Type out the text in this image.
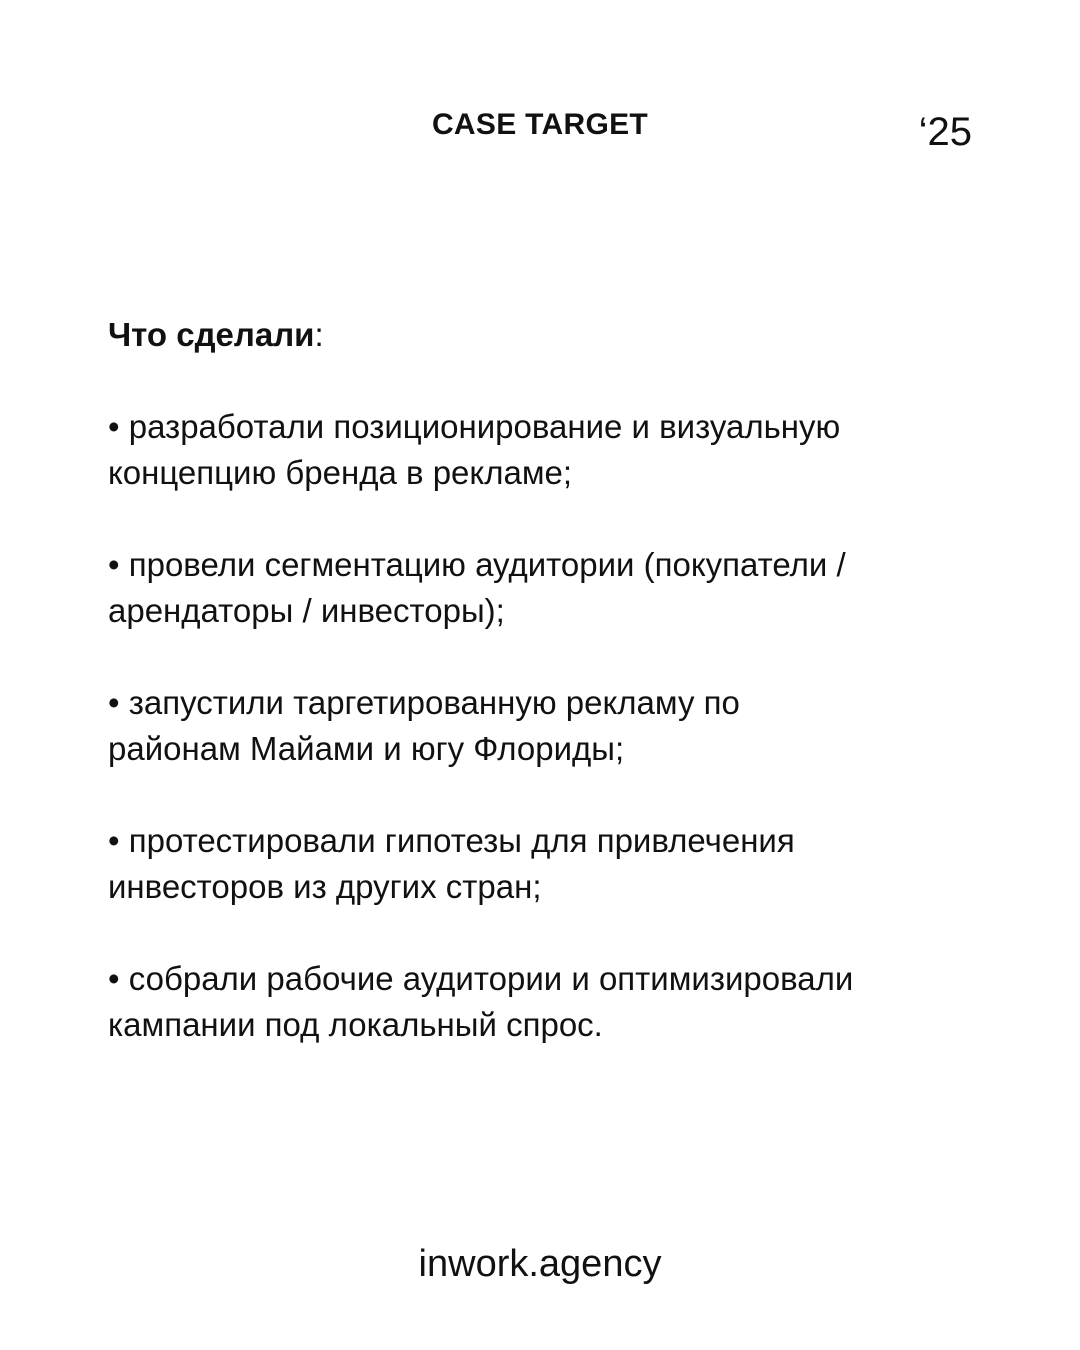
CASE TARGET	‘25

Что сделали:

• разработали позиционирование и визуальную
концепцию бренда в рекламе;
• провели сегментацию аудитории (покупатели /
арендаторы / инвесторы);
• запустили таргетированную рекламу по
районам Майами и югу Флориды;
• протестировали гипотезы для привлечения
инвесторов из других стран;
• собрали рабочие аудитории и оптимизировали
кампании под локальный спрос.
inwork.agency
